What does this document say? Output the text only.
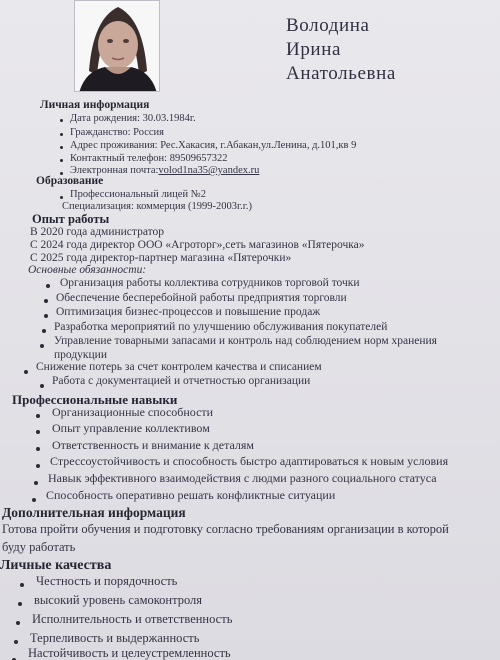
Володина
Ирина
Анатольевна
Личная информация
Дата рождения: 30.03.1984г.
Гражданство: Россия
Адрес проживания: Рес.Хакасия, г.Абакан,ул.Ленина, д.101,кв 9
Контактный телефон: 89509657322
Электронная почта:volod1na35@yandex.ru
Образование
Профессиональный лицей №2
Специализация: коммерция (1999-2003г.г.)
Опыт работы
В 2020 года администратор
С 2024 года директор ООО «Агроторг»,сеть магазинов «Пятерочка»
С 2025 года директор-партнер магазина «Пятерочки»
Основные обязанности:
Организация работы коллектива сотрудников торговой точки
Обеспечение бесперебойной работы предприятия торговли
Оптимизация бизнес-процессов и повышение продаж
Разработка мероприятий по улучшению обслуживания покупателей
Управление товарными запасами и контроль над соблюдением норм хранения
продукции
Снижение потерь за счет контролем качества и списанием
Работа с документацией и отчетностью организации
Профессиональные навыки
Организационные способности
Опыт управление коллективом
Ответственность и внимание к деталям
Стрессоустойчивость и способность быстро адаптироваться к новым условия
Навык эффективного взаимодействия с людми разного социального статуса
Способность оперативно решать конфликтные ситуации
Дополнительная информация
Готова пройти обучения и подготовку согласно требованиям организации в которой
буду работать
Личные качества
Честность и порядочность
высокий уровень самоконтроля
Исполнительность и ответственность
Терпеливость и выдержанность
Настойчивость и целеустремленность
